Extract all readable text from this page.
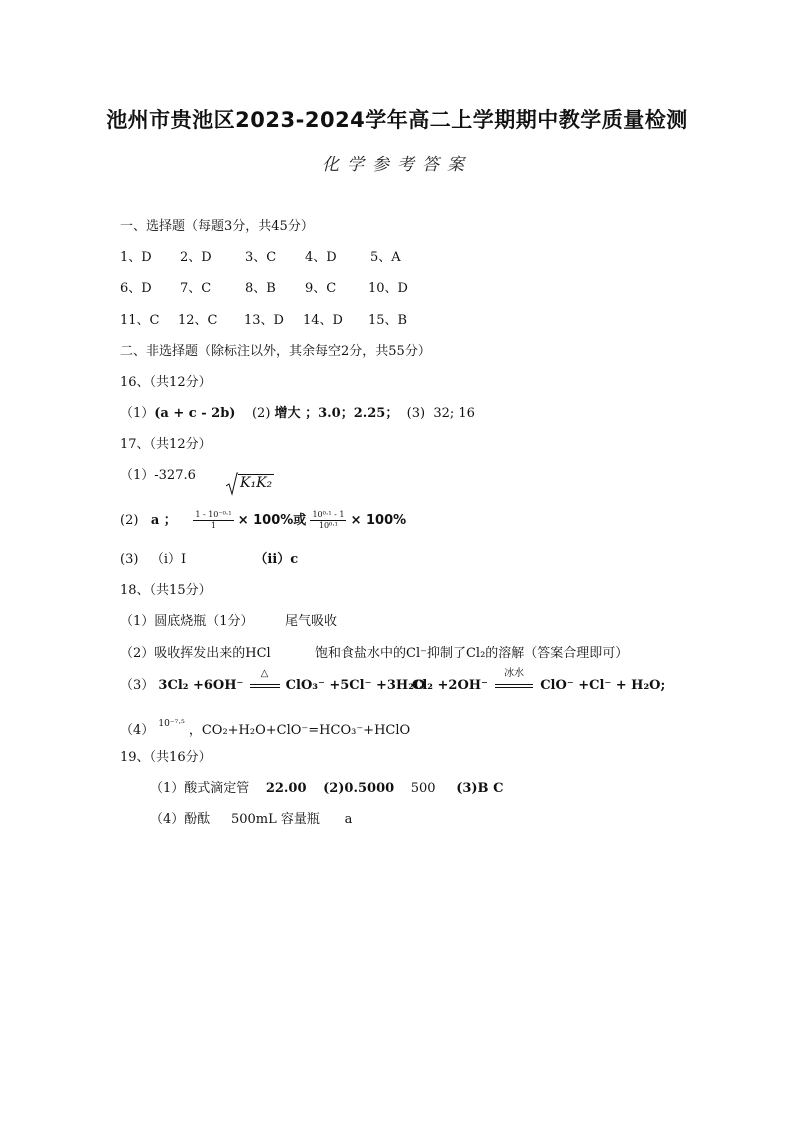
池州市贵池区2023-2024学年高二上学期期中教学质量检测
化学参考答案
一、选择题（每题3分，共45分）
1、D 2、D	3、C 4、D	5、A
6、D 7、C	8、B 9、C 10、D
11、C 12、C 13、D 14、D 15、B
二、非选择题（除标注以外，其余每空2分，共55分）
16、（共12分）
（1）(a + c - 2b) (2) 增大 ；3.0；2.25； (3) 32; 16
17、（共12分）
（1）-327.6	K₁K₂
(2) a ； $\frac{\text{1 - 10⁻⁰·¹}}{1} \times 100\%$或 $\frac{\text{10⁰·¹ - 1}}{\text{10⁰·¹}} \times 100\%$
(3) （ⅰ）Ⅰ	（ⅱ）c
18、（共15分）
（1）圆底烧瓶（1分） 尾气吸收
（2）吸收挥发出来的HCl	饱和食盐水中的Cl⁻抑制了Cl₂的溶解（答案合理即可）
（3） 3Cl₂ +6OH⁻
△
ClO₃⁻ +5Cl⁻ +3H₂O
Cl₂ +2OH⁻
冰水
ClO⁻ +Cl⁻ + H₂O;
（4） $^{10^{-7}\cdot^5}$ ，CO₂+H₂O+ClO⁻=HCO₃⁻+HClO
19、（共16分）
（1）酸式滴定管 22.00 (2)0.5000 500 (3)B C
（4）酚酞 500mL 容量瓶 a
